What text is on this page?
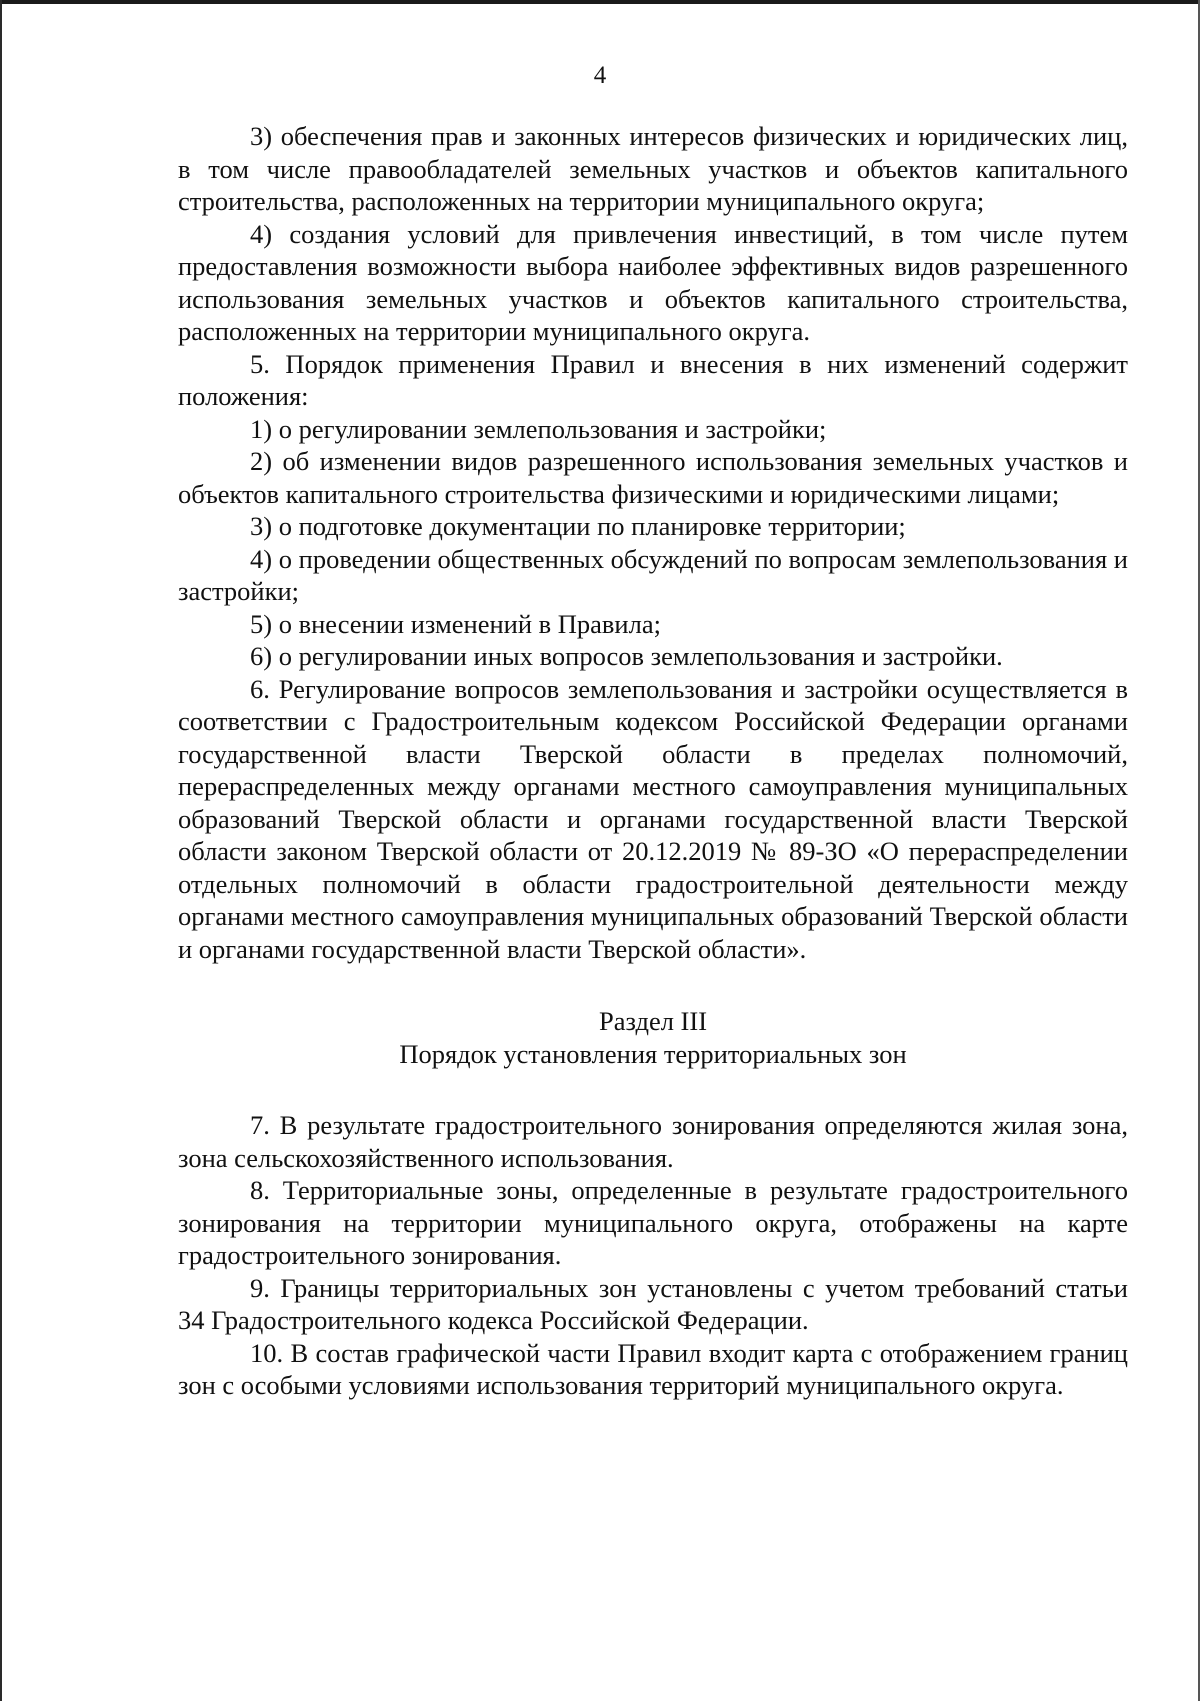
4

3) обеспечения прав и законных интересов физических и юридических лиц, в том числе правообладателей земельных участков и объектов капитального строительства, расположенных на территории муниципального округа;

4) создания условий для привлечения инвестиций, в том числе путем предоставления возможности выбора наиболее эффективных видов разрешенного использования земельных участков и объектов капитального строительства, расположенных на территории муниципального округа.

5. Порядок применения Правил и внесения в них изменений содержит положения:

1) о регулировании землепользования и застройки;

2) об изменении видов разрешенного использования земельных участков и объектов капитального строительства физическими и юридическими лицами;

3) о подготовке документации по планировке территории;

4) о проведении общественных обсуждений по вопросам землепользования и застройки;

5) о внесении изменений в Правила;

6) о регулировании иных вопросов землепользования и застройки.

6. Регулирование вопросов землепользования и застройки осуществляется в соответствии с Градостроительным кодексом Российской Федерации органами государственной власти Тверской области в пределах полномочий, перераспределенных между органами местного самоуправления муниципальных образований Тверской области и органами государственной власти Тверской области законом Тверской области от 20.12.2019 № 89-ЗО «О перераспределении отдельных полномочий в области градостроительной деятельности между органами местного самоуправления муниципальных образований Тверской области и органами государственной власти Тверской области».

Раздел III
Порядок установления территориальных зон

7. В результате градостроительного зонирования определяются жилая зона, зона сельскохозяйственного использования.

8. Территориальные зоны, определенные в результате градостроительного зонирования на территории муниципального округа, отображены на карте градостроительного зонирования.

9. Границы территориальных зон установлены с учетом требований статьи 34 Градостроительного кодекса Российской Федерации.

10. В состав графической части Правил входит карта с отображением границ зон с особыми условиями использования территорий муниципального округа.
